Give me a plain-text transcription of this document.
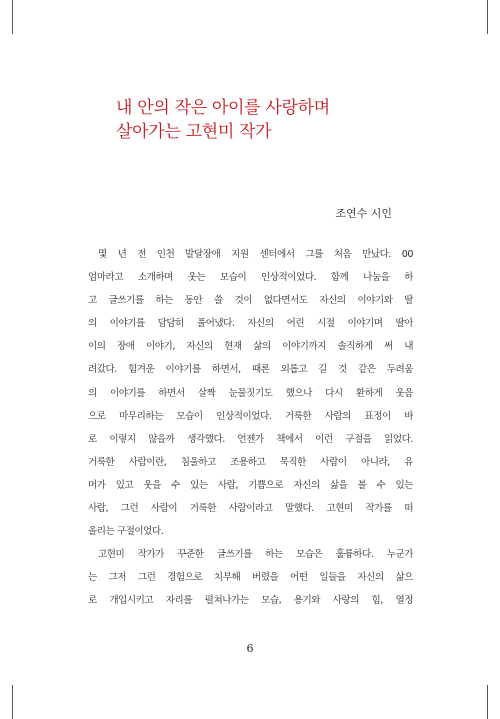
내 안의 작은 아이를 사랑하며
살아가는 고현미 작가
조연수 시인
몇 년 전 인천 발달장애 지원 센터에서 그를 처음 만났다. 00
엄마라고 소개하며 웃는 모습이 인상적이었다. 함께 나눔을 하
고 글쓰기를 하는 동안 쓸 것이 없다면서도 자신의 이야기와 딸
의 이야기를 담담히 풀어냈다. 자신의 어린 시절 이야기며 딸아
이의 장애 이야기, 자신의 현재 삶의 이야기까지 솔직하게 써 내
려갔다. 힘겨운 이야기를 하면서, 때론 외롭고 길 것 같은 두려움
의 이야기를 하면서 살짝 눈물짓기도 했으나 다시 환하게 웃음
으로 마무리하는 모습이 인상적이었다. 거룩한 사람의 표정이 바
로 이렇지 않을까 생각했다. 언젠가 책에서 이런 구절을 읽었다.
거룩한 사람이란, 침울하고 조용하고 묵직한 사람이 아니라, 유
머가 있고 웃을 수 있는 사람, 기쁨으로 자신의 삶을 볼 수 있는
사람, 그런 사람이 거룩한 사람이라고 말했다. 고현미 작가를 떠
올리는 구절이었다.
고현미 작가가 꾸준한 글쓰기를 하는 모습은 훌륭하다. 누군가
는 그저 그런 경험으로 치부해 버렸을 어떤 일들을 자신의 삶으
로 개입시키고 자리를 펼쳐나가는 모습, 용기와 사랑의 힘, 열정
6
